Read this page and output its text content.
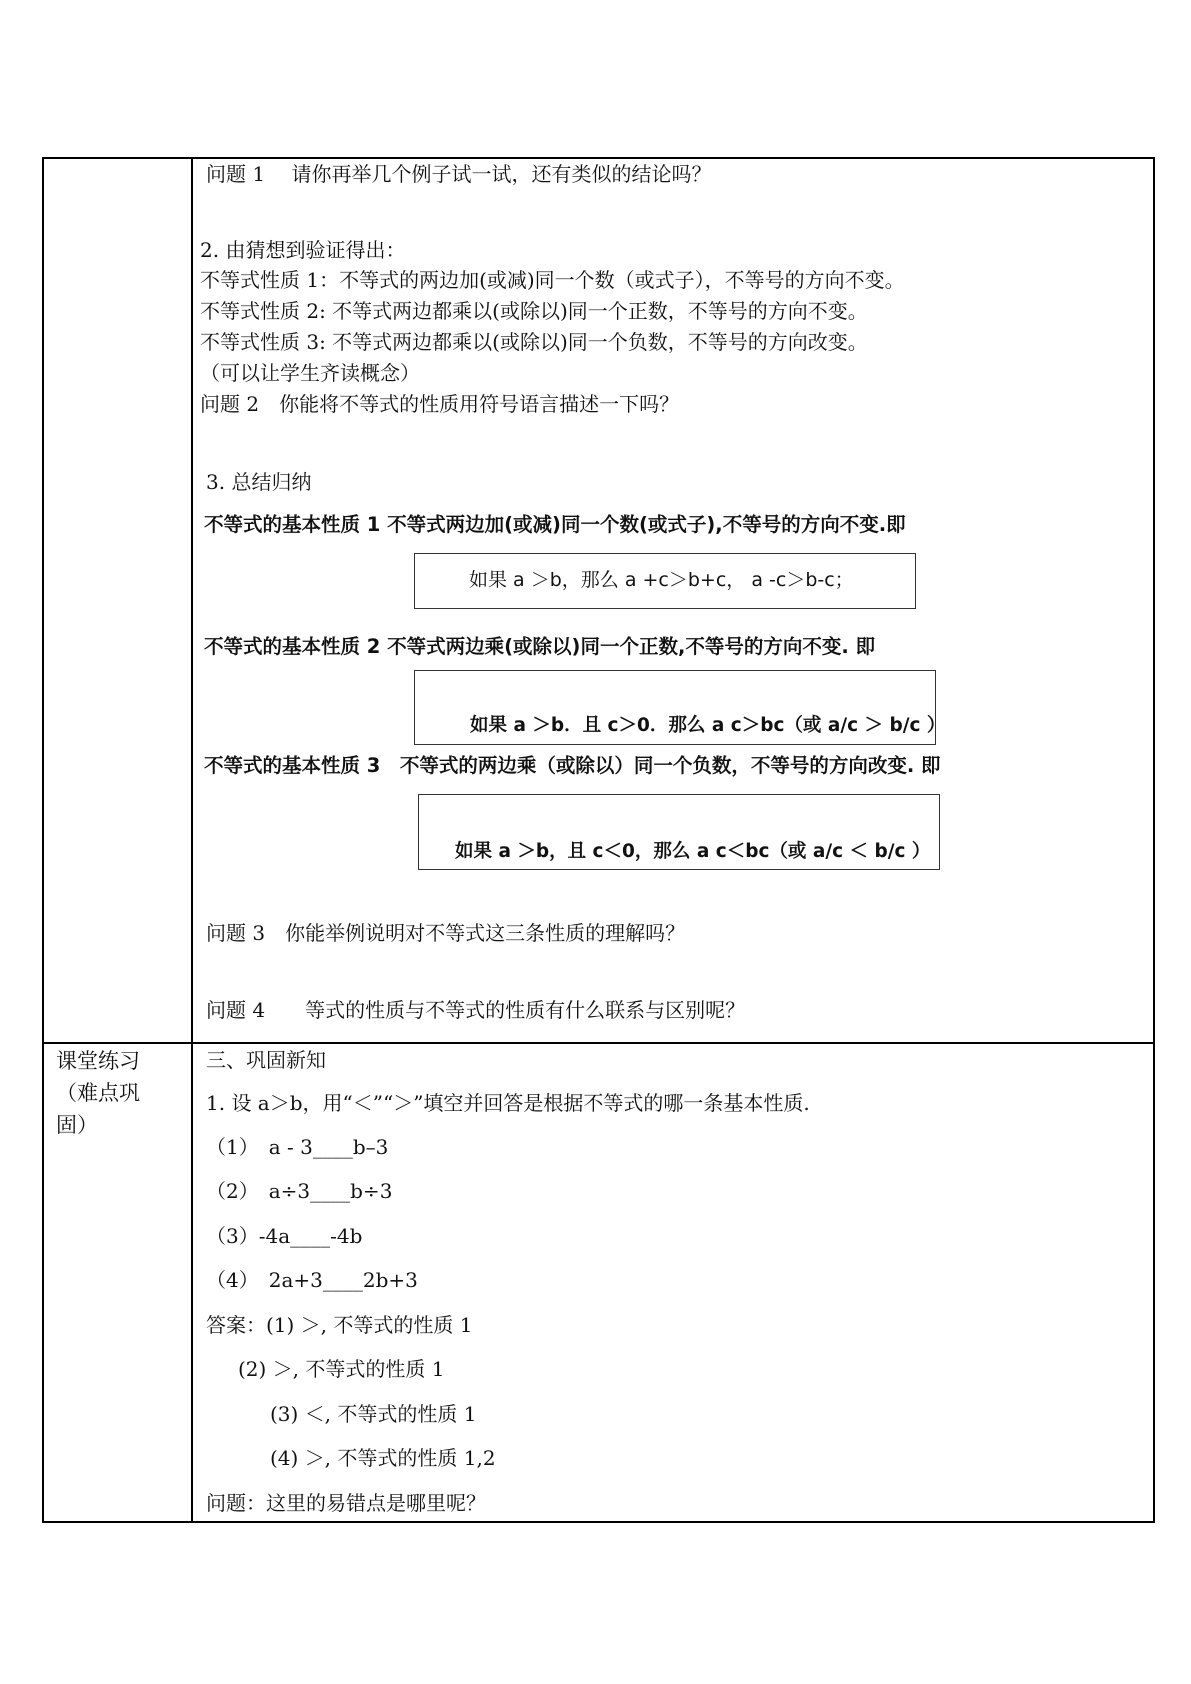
问题 1　 请你再举几个例子试一试，还有类似的结论吗？
2. 由猜想到验证得出：
不等式性质 1：不等式的两边加(或减)同一个数（或式子），不等号的方向不变。
不等式性质 2: 不等式两边都乘以(或除以)同一个正数，不等号的方向不变。
不等式性质 3: 不等式两边都乘以(或除以)同一个负数，不等号的方向改变。
（可以让学生齐读概念）
问题 2　你能将不等式的性质用符号语言描述一下吗？
3. 总结归纳
不等式的基本性质 1 不等式两边加(或减)同一个数(或式子),不等号的方向不变.即
如果 a ＞b，那么 a +c＞b+c， a -c＞b-c；
不等式的基本性质 2 不等式两边乘(或除以)同一个正数,不等号的方向不变. 即
如果 a ＞b．且 c＞0．那么 a c＞bc（或 a/c ＞ b/c ）
不等式的基本性质 3　不等式的两边乘（或除以）同一个负数，不等号的方向改变. 即
如果 a ＞b，且 c＜0，那么 a c＜bc（或 a/c ＜ b/c ）
问题 3　你能举例说明对不等式这三条性质的理解吗？
问题 4　　等式的性质与不等式的性质有什么联系与区别呢？
课堂练习
（难点巩
固）
三、巩固新知
1. 设 a＞b，用“＜”“＞”填空并回答是根据不等式的哪一条基本性质.
（1）　a - 3____b–3
（2）　a÷3____b÷3
（3）-4a____-4b
（4）　2a+3____2b+3
答案：(1) ＞, 不等式的性质 1
(2) ＞, 不等式的性质 1
(3) ＜, 不等式的性质 1
(4) ＞, 不等式的性质 1,2
问题：这里的易错点是哪里呢？
